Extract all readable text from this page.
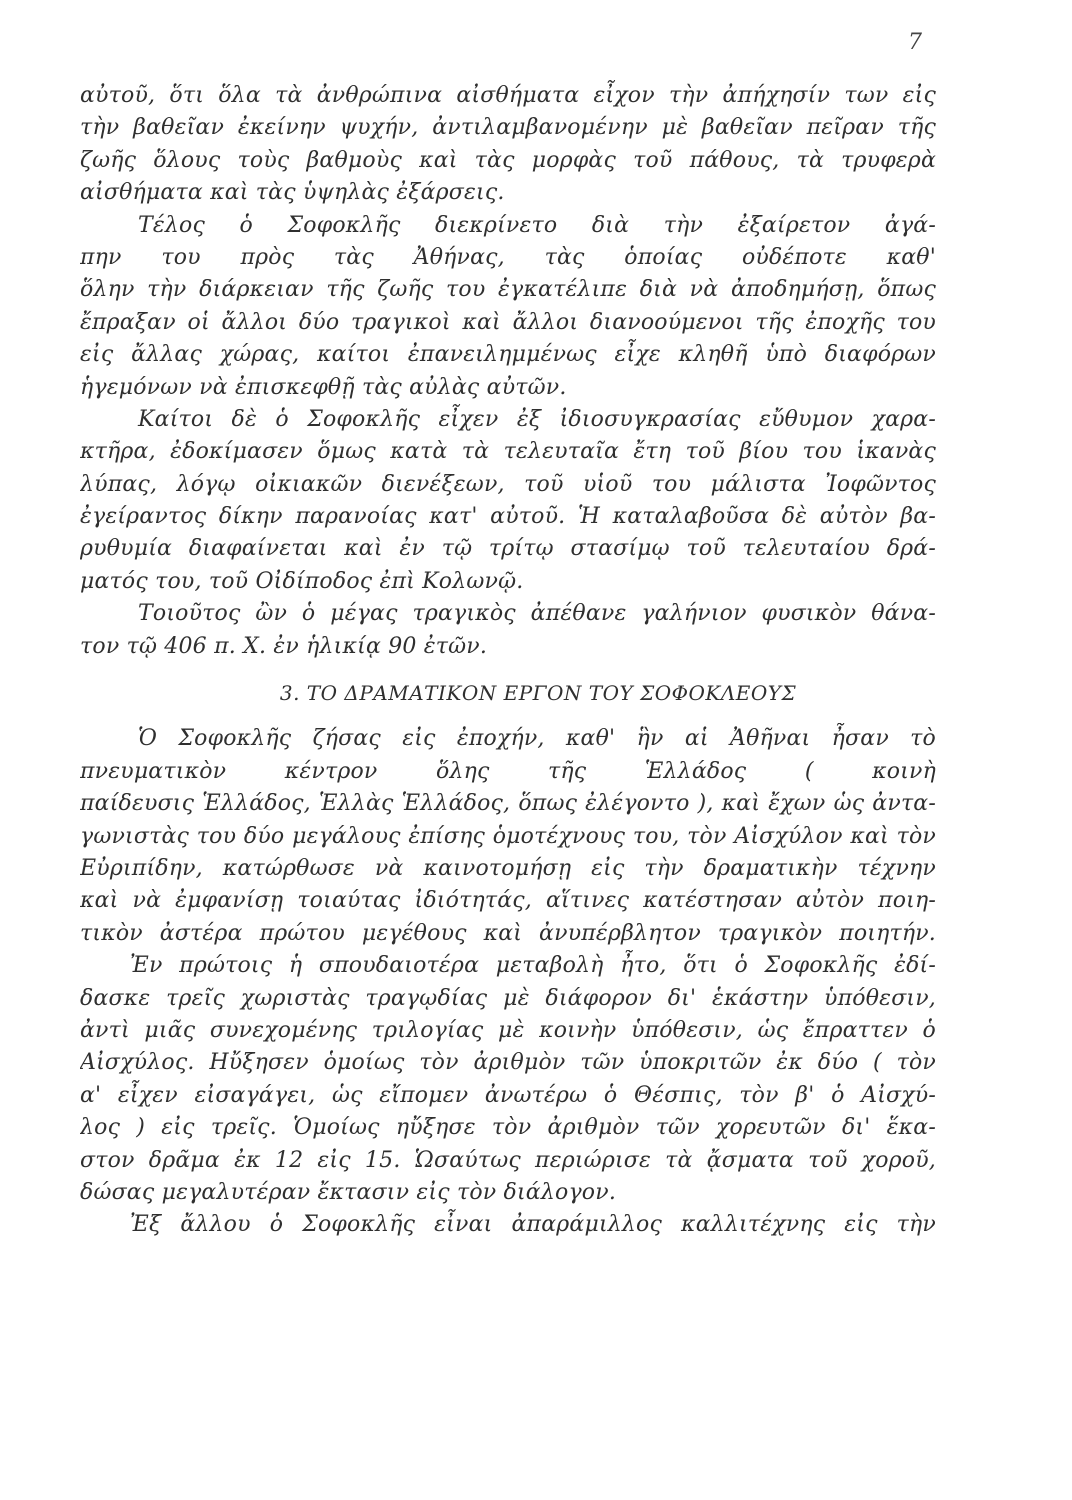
7
αὐτοῦ, ὅτι ὅλα τὰ ἀνθρώπινα αἰσθήματα εἶχον τὴν ἀπήχησίν των εἰς
τὴν βαθεῖαν ἐκείνην ψυχήν, ἀντιλαμβανομένην μὲ βαθεῖαν πεῖραν τῆς
ζωῆς ὅλους τοὺς βαθμοὺς καὶ τὰς μορφὰς τοῦ πάθους, τὰ τρυφερὰ
αἰσθήματα καὶ τὰς ὑψηλὰς ἐξάρσεις.
Τέλος ὁ Σοφοκλῆς διεκρίνετο διὰ τὴν ἐξαίρετον ἀγά-
πην του πρὸς τὰς Ἀθήνας, τὰς ὁποίας οὐδέποτε καθ'
ὅλην τὴν διάρκειαν τῆς ζωῆς του ἐγκατέλιπε διὰ νὰ ἀποδημήσῃ, ὅπως
ἔπραξαν οἱ ἄλλοι δύο τραγικοὶ καὶ ἄλλοι διανοούμενοι τῆς ἐποχῆς του
εἰς ἄλλας χώρας, καίτοι ἐπανειλημμένως εἶχε κληθῆ ὑπὸ διαφόρων
ἡγεμόνων νὰ ἐπισκεφθῇ τὰς αὐλὰς αὐτῶν.
Καίτοι δὲ ὁ Σοφοκλῆς εἶχεν ἐξ ἰδιοσυγκρασίας εὔθυμον χαρα-
κτῆρα, ἐδοκίμασεν ὅμως κατὰ τὰ τελευταῖα ἔτη τοῦ βίου του ἱκανὰς
λύπας, λόγῳ οἰκιακῶν διενέξεων, τοῦ υἱοῦ του μάλιστα Ἰοφῶντος
ἐγείραντος δίκην παρανοίας κατ' αὐτοῦ. Ἡ καταλαβοῦσα δὲ αὐτὸν βα-
ρυθυμία διαφαίνεται καὶ ἐν τῷ τρίτῳ στασίμῳ τοῦ τελευταίου δρά-
ματός του, τοῦ Οἰδίποδος ἐπὶ Κολωνῷ.
Τοιοῦτος ὢν ὁ μέγας τραγικὸς ἀπέθανε γαλήνιον φυσικὸν θάνα-
τον τῷ 406 π. Χ. ἐν ἡλικίᾳ 90 ἐτῶν.
3. ΤΟ ΔΡΑΜΑΤΙΚΟΝ ΕΡΓΟΝ ΤΟΥ ΣΟΦΟΚΛΕΟΥΣ
Ὁ Σοφοκλῆς ζήσας εἰς ἐποχήν, καθ' ἣν αἱ Ἀθῆναι ἦσαν τὸ
πνευματικὸν κέντρον ὅλης τῆς Ἑλλάδος ( κοινὴ
παίδευσις Ἑλλάδος, Ἑλλὰς Ἑλλάδος, ὅπως ἐλέγοντο ), καὶ ἔχων ὡς ἀντα-
γωνιστὰς του δύο μεγάλους ἐπίσης ὁμοτέχνους του, τὸν Αἰσχύλον καὶ τὸν
Εὐριπίδην, κατώρθωσε νὰ καινοτομήσῃ εἰς τὴν δραματικὴν τέχνην
καὶ νὰ ἐμφανίσῃ τοιαύτας ἰδιότητάς, αἵτινες κατέστησαν αὐτὸν ποιη-
τικὸν ἀστέρα πρώτου μεγέθους καὶ ἀνυπέρβλητον τραγικὸν ποιητήν.
Ἐν πρώτοις ἡ σπουδαιοτέρα μεταβολὴ ἦτο, ὅτι ὁ Σοφοκλῆς ἐδί-
δασκε τρεῖς χωριστὰς τραγῳδίας μὲ διάφορον δι' ἑκάστην ὑπόθεσιν,
ἀντὶ μιᾶς συνεχομένης τριλογίας μὲ κοινὴν ὑπόθεσιν, ὡς ἔπραττεν ὁ
Αἰσχύλος. Ηὔξησεν ὁμοίως τὸν ἀριθμὸν τῶν ὑποκριτῶν ἐκ δύο ( τὸν
α' εἶχεν εἰσαγάγει, ὡς εἴπομεν ἀνωτέρω ὁ Θέσπις, τὸν β' ὁ Αἰσχύ-
λος ) εἰς τρεῖς. Ὁμοίως ηὔξησε τὸν ἀριθμὸν τῶν χορευτῶν δι' ἕκα-
στον δρᾶμα ἐκ 12 εἰς 15. Ὡσαύτως περιώρισε τὰ ᾄσματα τοῦ χοροῦ,
δώσας μεγαλυτέραν ἔκτασιν εἰς τὸν διάλογον.
Ἐξ ἄλλου ὁ Σοφοκλῆς εἶναι ἀπαράμιλλος καλλιτέχνης εἰς τὴν
